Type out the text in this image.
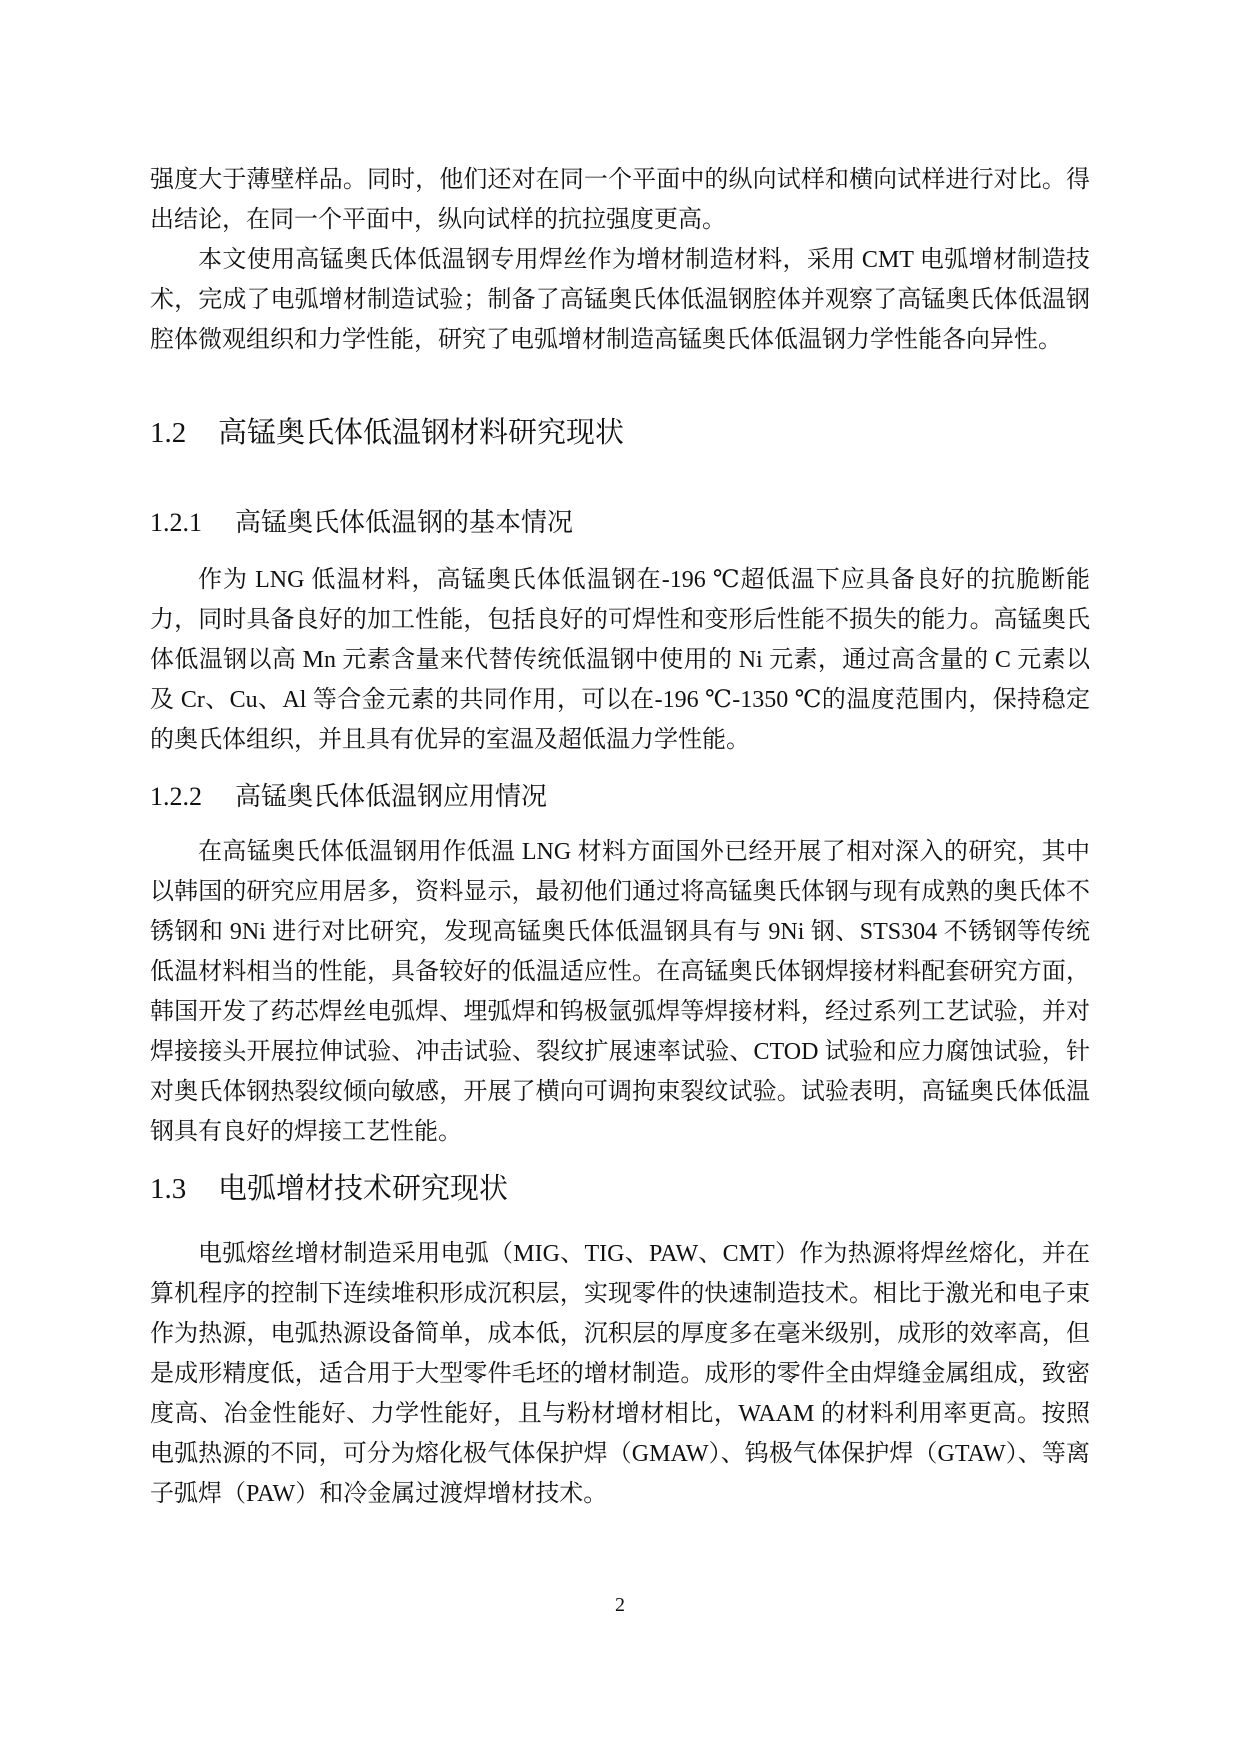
强度大于薄壁样品。同时，他们还对在同一个平面中的纵向试样和横向试样进行对比。得出结论，在同一个平面中，纵向试样的抗拉强度更高。

本文使用高锰奥氏体低温钢专用焊丝作为增材制造材料，采用 CMT 电弧增材制造技术，完成了电弧增材制造试验；制备了高锰奥氏体低温钢腔体并观察了高锰奥氏体低温钢腔体微观组织和力学性能，研究了电弧增材制造高锰奥氏体低温钢力学性能各向异性。

1.2 高锰奥氏体低温钢材料研究现状
1.2.1 高锰奥氏体低温钢的基本情况

作为 LNG 低温材料，高锰奥氏体低温钢在-196 ℃超低温下应具备良好的抗脆断能力，同时具备良好的加工性能，包括良好的可焊性和变形后性能不损失的能力。高锰奥氏体低温钢以高 Mn 元素含量来代替传统低温钢中使用的 Ni 元素，通过高含量的 C 元素以及 Cr、Cu、Al 等合金元素的共同作用，可以在-196 ℃-1350 ℃的温度范围内，保持稳定的奥氏体组织，并且具有优异的室温及超低温力学性能。

1.2.2 高锰奥氏体低温钢应用情况

在高锰奥氏体低温钢用作低温 LNG 材料方面国外已经开展了相对深入的研究，其中以韩国的研究应用居多，资料显示，最初他们通过将高锰奥氏体钢与现有成熟的奥氏体不锈钢和 9Ni 进行对比研究，发现高锰奥氏体低温钢具有与 9Ni 钢、STS304 不锈钢等传统低温材料相当的性能，具备较好的低温适应性。在高锰奥氏体钢焊接材料配套研究方面，韩国开发了药芯焊丝电弧焊、埋弧焊和钨极氩弧焊等焊接材料，经过系列工艺试验，并对焊接接头开展拉伸试验、冲击试验、裂纹扩展速率试验、CTOD 试验和应力腐蚀试验，针对奥氏体钢热裂纹倾向敏感，开展了横向可调拘束裂纹试验。试验表明，高锰奥氏体低温钢具有良好的焊接工艺性能。

1.3 电弧增材技术研究现状

电弧熔丝增材制造采用电弧（MIG、TIG、PAW、CMT）作为热源将焊丝熔化，并在算机程序的控制下连续堆积形成沉积层，实现零件的快速制造技术。相比于激光和电子束作为热源，电弧热源设备简单，成本低，沉积层的厚度多在毫米级别，成形的效率高，但是成形精度低，适合用于大型零件毛坯的增材制造。成形的零件全由焊缝金属组成，致密度高、冶金性能好、力学性能好，且与粉材增材相比，WAAM 的材料利用率更高。按照电弧热源的不同，可分为熔化极气体保护焊（GMAW）、钨极气体保护焊（GTAW）、等离子弧焊（PAW）和冷金属过渡焊增材技术。

2
